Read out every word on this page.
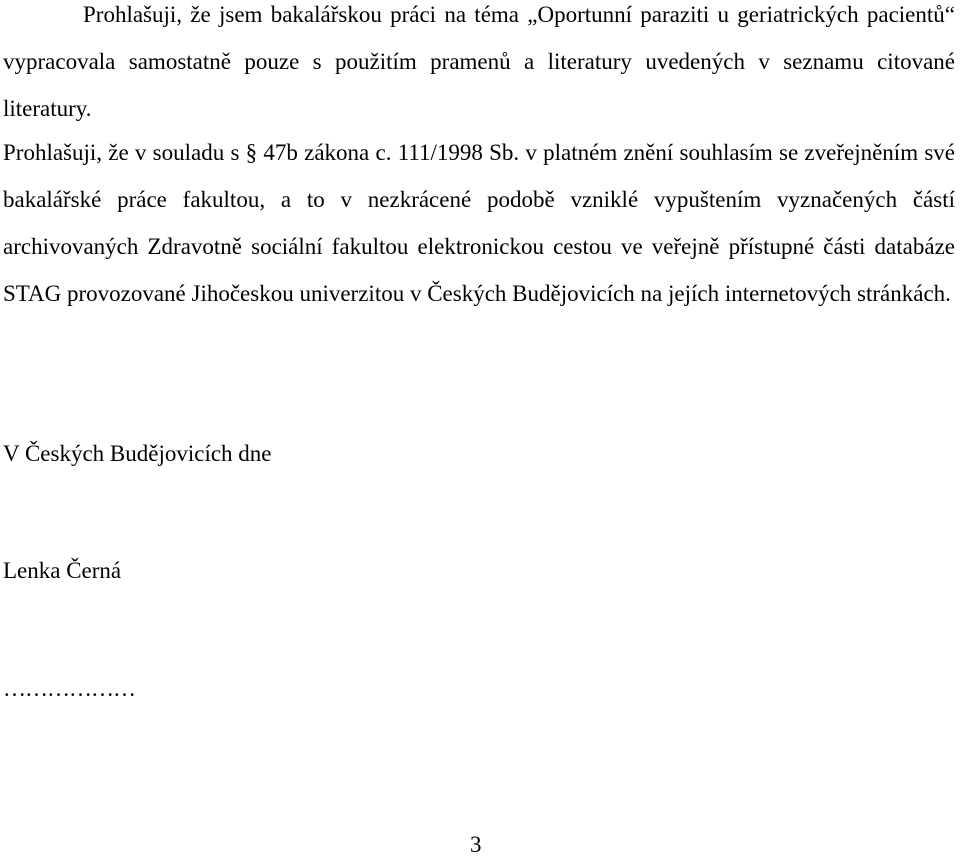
Prohlašuji, že jsem bakalářskou práci na téma „Oportunní paraziti u geriatrických pacientů“ vypracovala samostatně pouze s použitím pramenů a literatury uvedených v seznamu citované literatury.

Prohlašuji, že v souladu s § 47b zákona c. 111/1998 Sb. v platném znění souhlasím se zveřejněním své bakalářské práce fakultou, a to v nezkrácené podobě vzniklé vypuštením vyznačených částí archivovaných Zdravotně sociální fakultou elektronickou cestou ve veřejně přístupné části databáze STAG provozované Jihočeskou univerzitou v Českých Budějovicích na jejích internetových stránkách.

V Českých Budějovicích dne
Lenka Černá
………………
3
